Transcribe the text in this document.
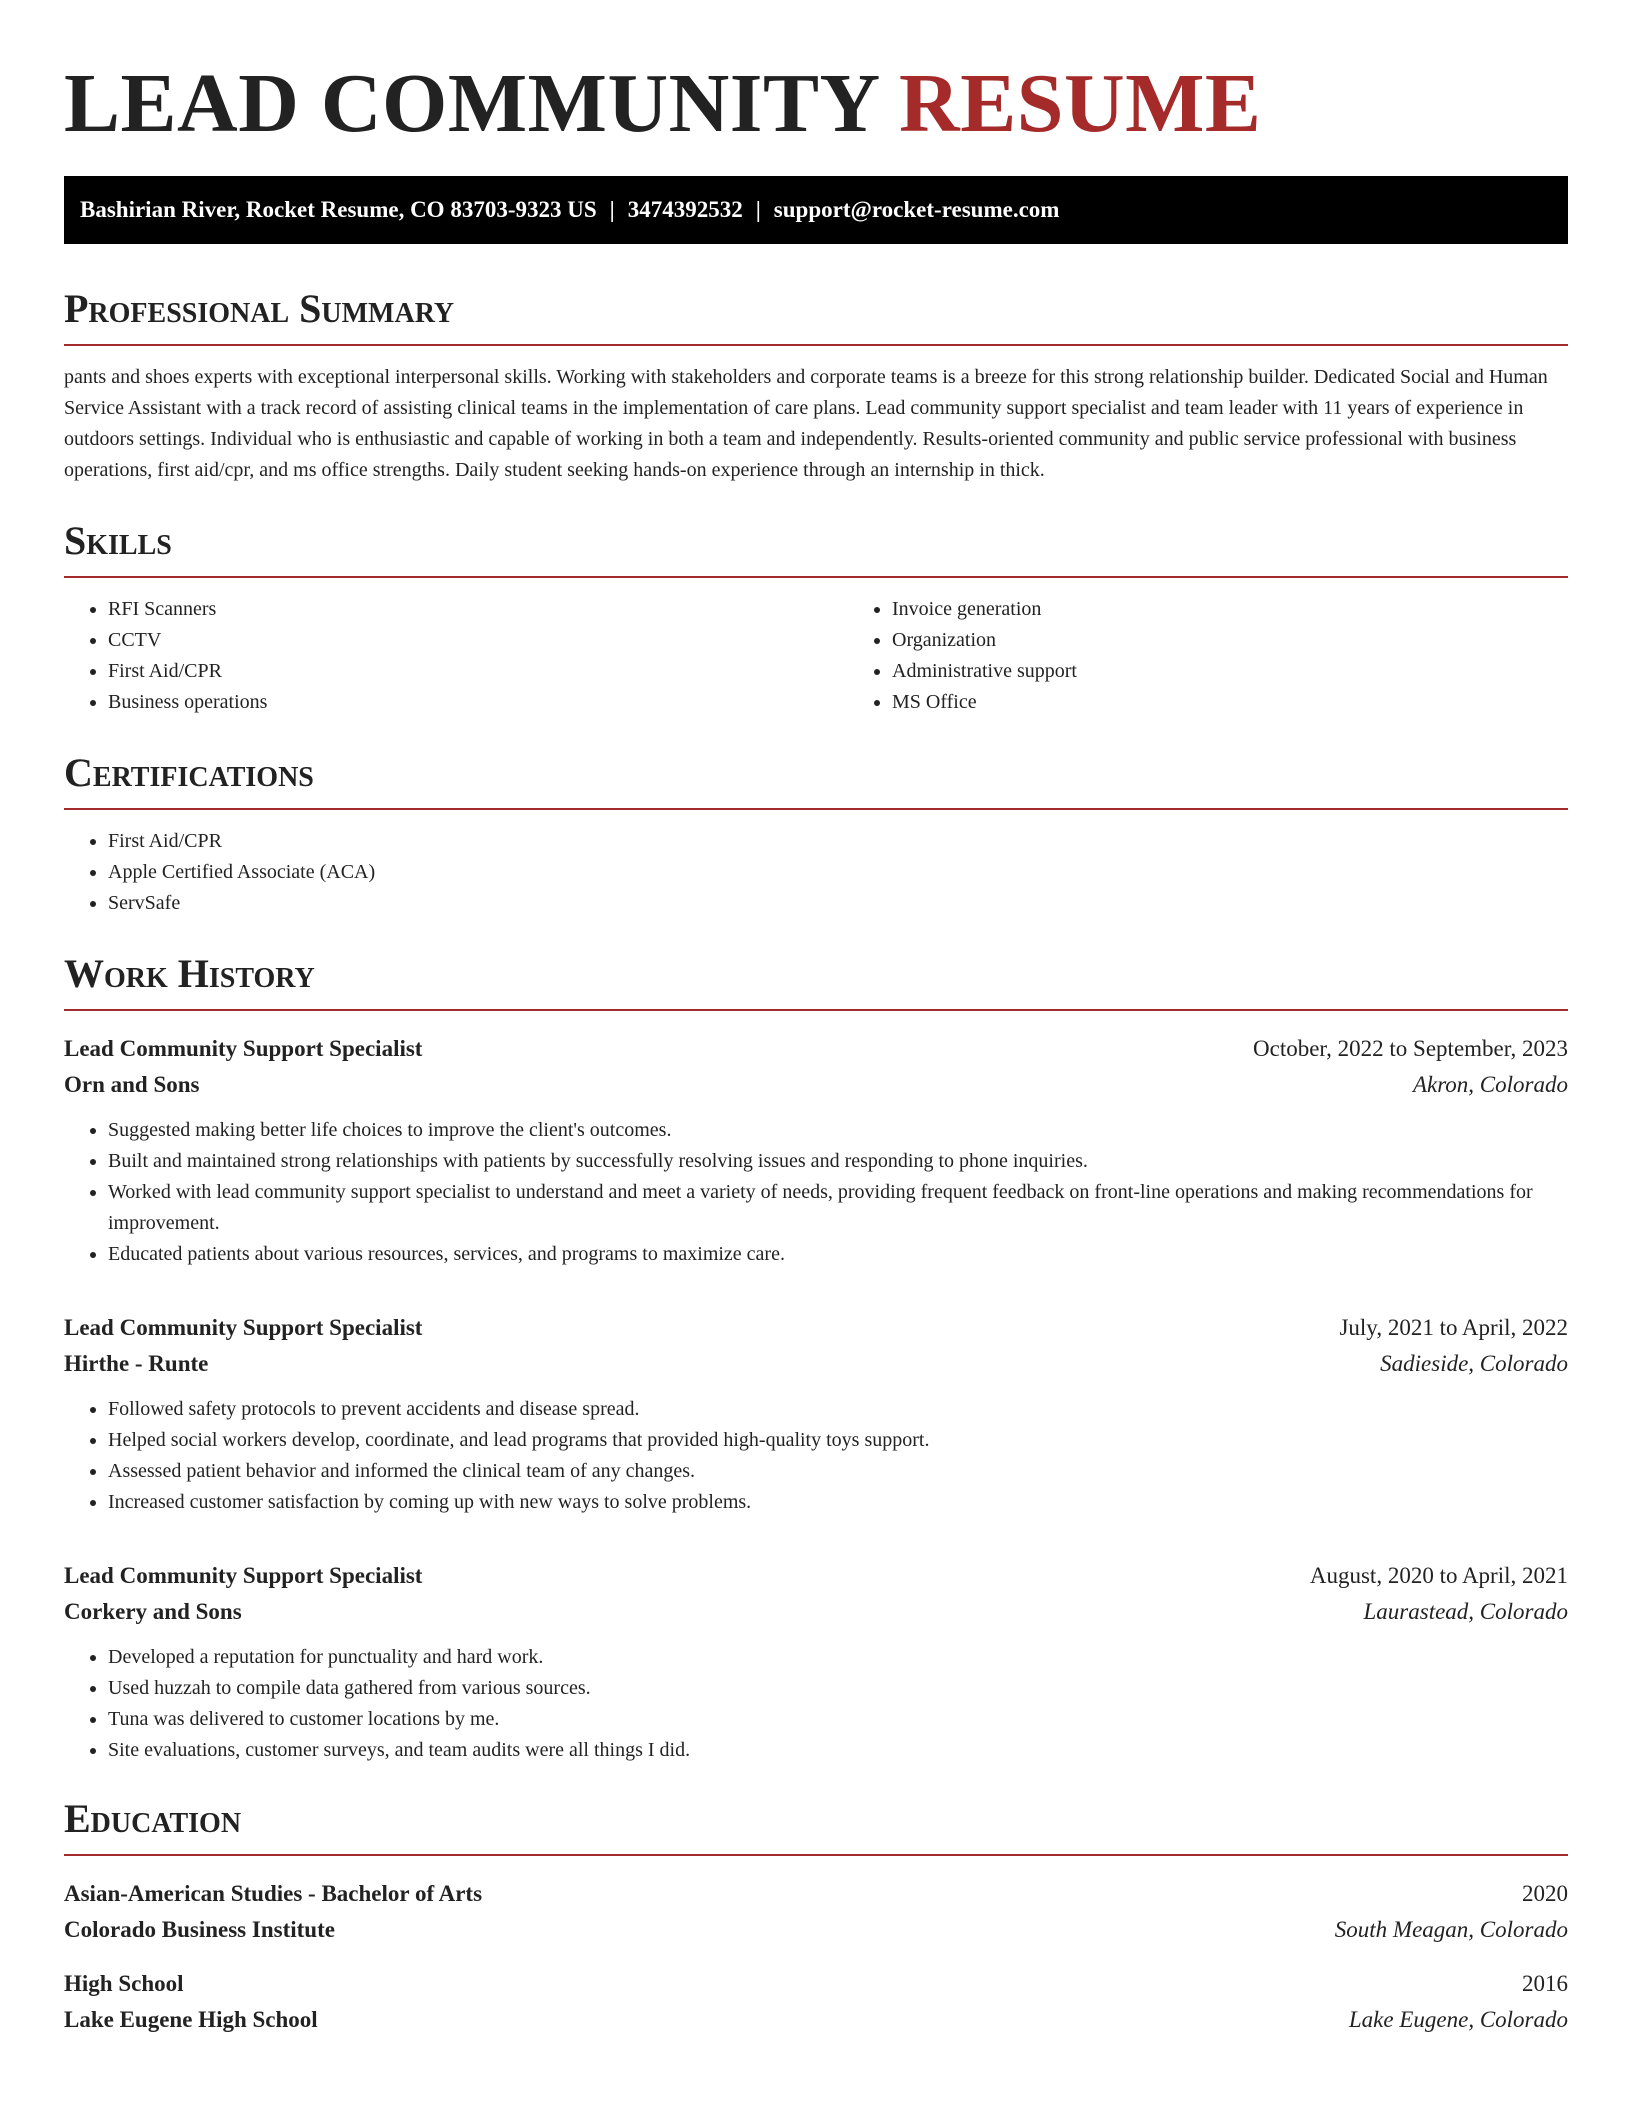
LEAD COMMUNITY RESUME
Bashirian River, Rocket Resume, CO 83703-9323 US | 3474392532 | support@rocket-resume.com
Professional Summary

pants and shoes experts with exceptional interpersonal skills. Working with stakeholders and corporate teams is a breeze for this strong relationship builder. Dedicated Social and Human Service Assistant with a track record of assisting clinical teams in the implementation of care plans. Lead community support specialist and team leader with 11 years of experience in outdoors settings. Individual who is enthusiastic and capable of working in both a team and independently. Results-oriented community and public service professional with business operations, first aid/cpr, and ms office strengths. Daily student seeking hands-on experience through an internship in thick.

Skills
• RFI Scanners
• CCTV
• First Aid/CPR
• Business operations
• Invoice generation
• Organization
• Administrative support
• MS Office
Certifications
• First Aid/CPR
• Apple Certified Associate (ACA)
• ServSafe
Work History
Lead Community Support Specialist	October, 2022 to September, 2023
Orn and Sons	Akron, Colorado
• Suggested making better life choices to improve the client's outcomes.
• Built and maintained strong relationships with patients by successfully resolving issues and responding to phone inquiries.
• Worked with lead community support specialist to understand and meet a variety of needs, providing frequent feedback on front-line operations and making recommendations for improvement.
• Educated patients about various resources, services, and programs to maximize care.
Lead Community Support Specialist	July, 2021 to April, 2022
Hirthe - Runte	Sadieside, Colorado
• Followed safety protocols to prevent accidents and disease spread.
• Helped social workers develop, coordinate, and lead programs that provided high-quality toys support.
• Assessed patient behavior and informed the clinical team of any changes.
• Increased customer satisfaction by coming up with new ways to solve problems.
Lead Community Support Specialist	August, 2020 to April, 2021
Corkery and Sons	Laurastead, Colorado
• Developed a reputation for punctuality and hard work.
• Used huzzah to compile data gathered from various sources.
• Tuna was delivered to customer locations by me.
• Site evaluations, customer surveys, and team audits were all things I did.
Education
Asian-American Studies - Bachelor of Arts	2020
Colorado Business Institute	South Meagan, Colorado
High School	2016
Lake Eugene High School	Lake Eugene, Colorado
